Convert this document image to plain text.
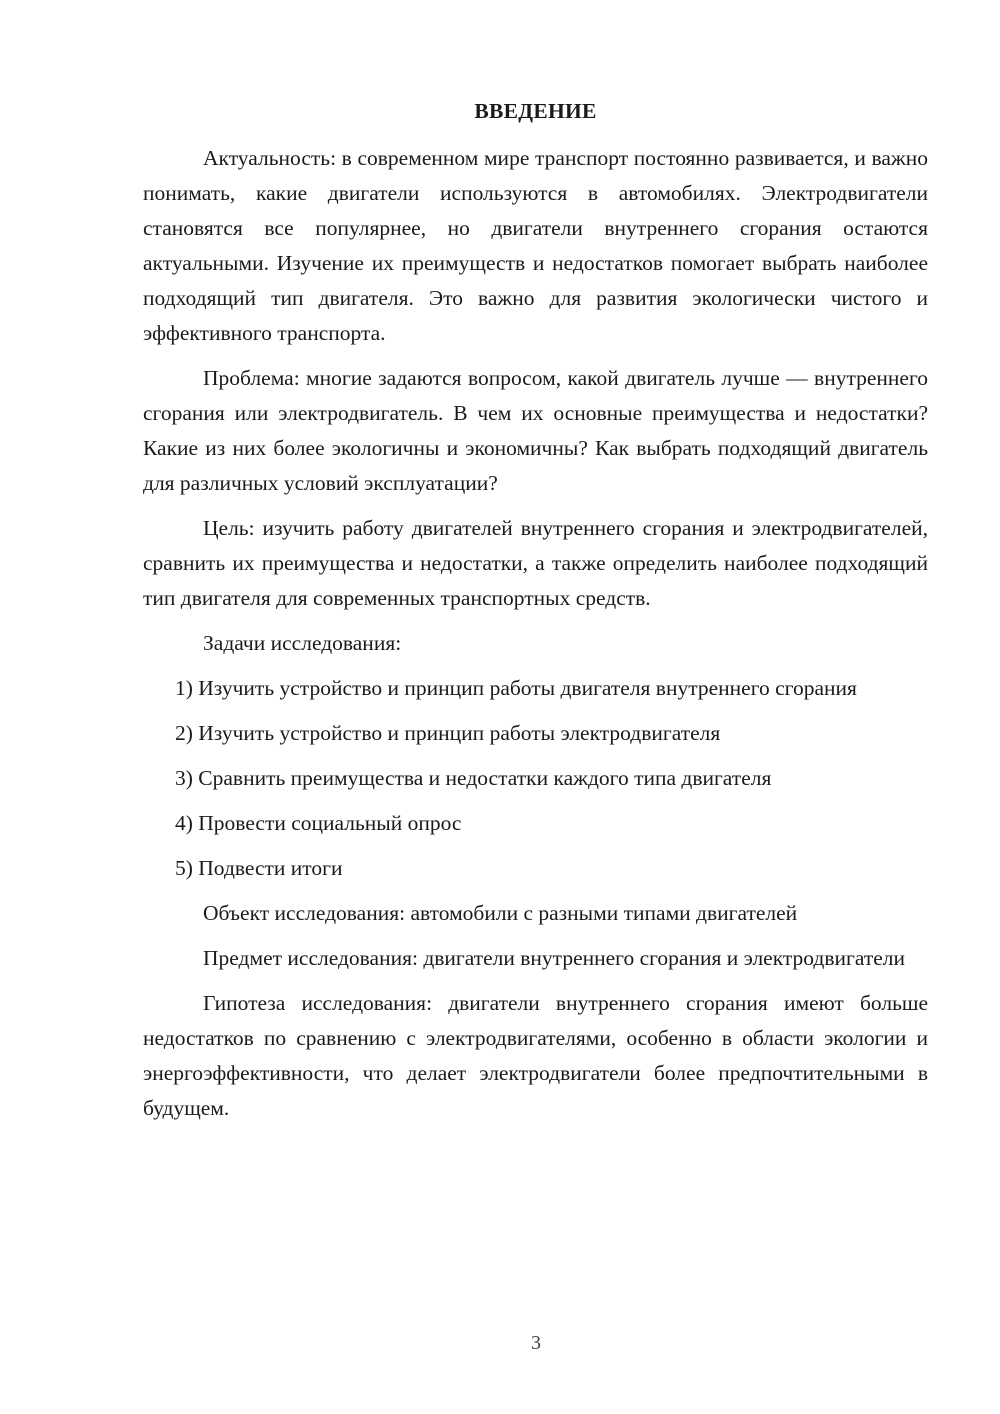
ВВЕДЕНИЕ

Актуальность: в современном мире транспорт постоянно развивается, и важно понимать, какие двигатели используются в автомобилях. Электродвигатели становятся все популярнее, но двигатели внутреннего сгорания остаются актуальными. Изучение их преимуществ и недостатков помогает выбрать наиболее подходящий тип двигателя. Это важно для развития экологически чистого и эффективного транспорта.

Проблема: многие задаются вопросом, какой двигатель лучше — внутреннего сгорания или электродвигатель. В чем их основные преимущества и недостатки? Какие из них более экологичны и экономичны? Как выбрать подходящий двигатель для различных условий эксплуатации?

Цель: изучить работу двигателей внутреннего сгорания и электродвигателей, сравнить их преимущества и недостатки, а также определить наиболее подходящий тип двигателя для современных транспортных средств.

Задачи исследования:

1) Изучить устройство и принцип работы двигателя внутреннего сгорания

2) Изучить устройство и принцип работы электродвигателя

3) Сравнить преимущества и недостатки каждого типа двигателя

4) Провести социальный опрос

5) Подвести итоги

Объект исследования: автомобили с разными типами двигателей

Предмет исследования: двигатели внутреннего сгорания и электродвигатели

Гипотеза исследования: двигатели внутреннего сгорания имеют больше недостатков по сравнению с электродвигателями, особенно в области экологии и энергоэффективности, что делает электродвигатели более предпочтительными в будущем.

3
